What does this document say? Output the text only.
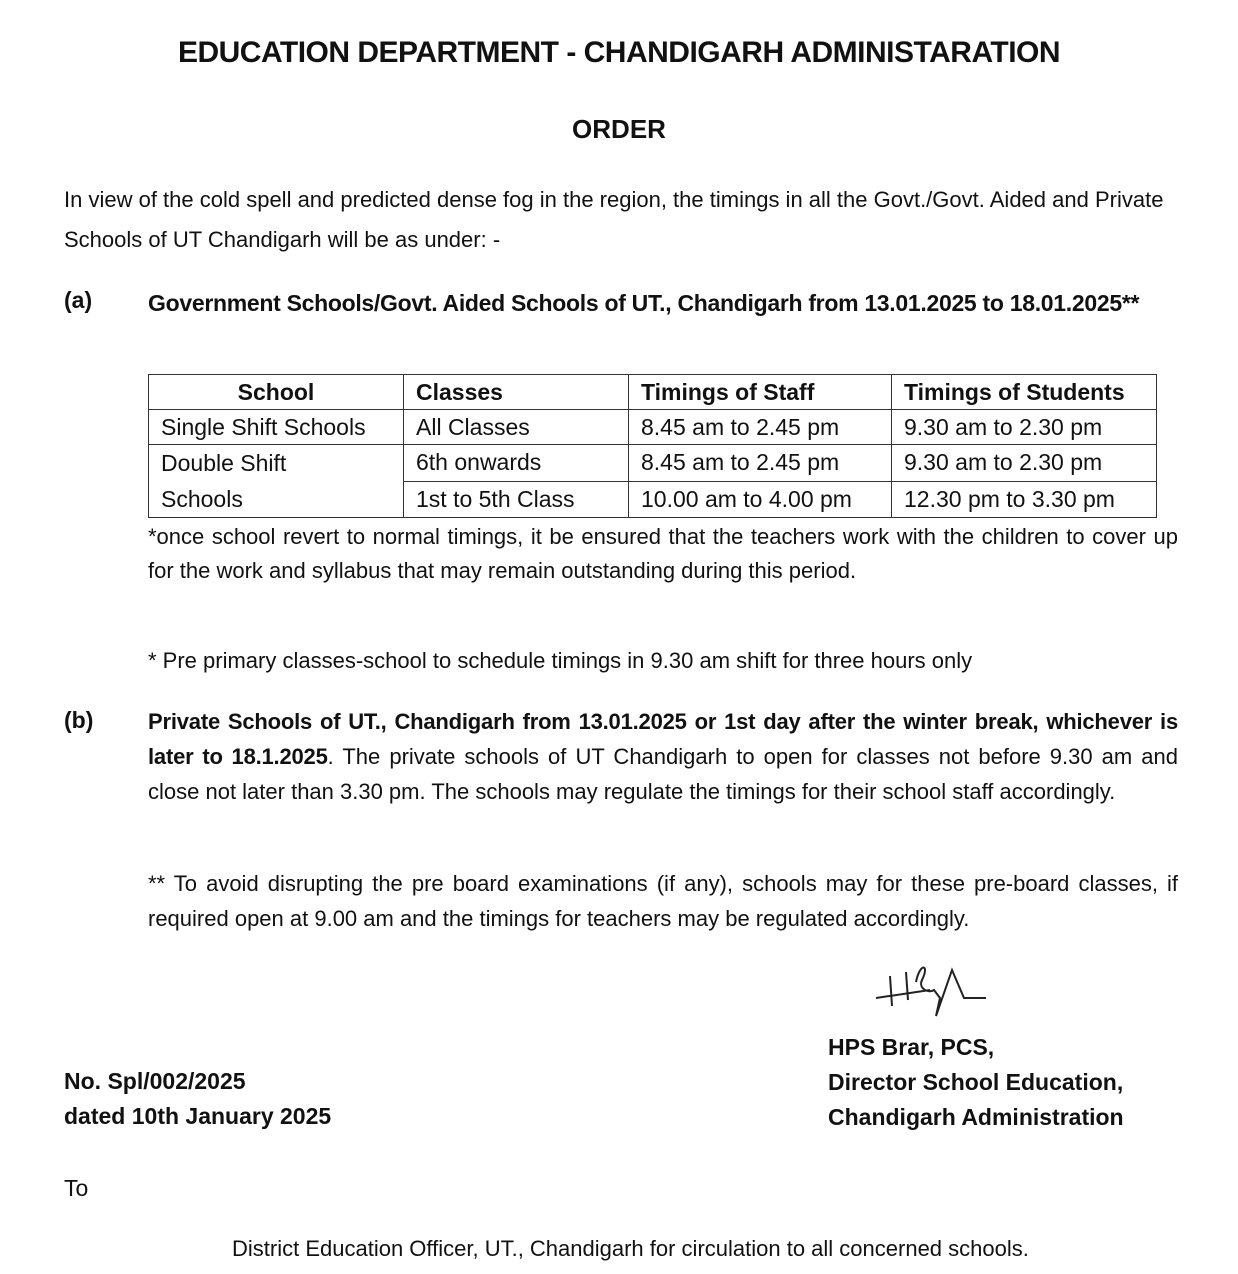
EDUCATION DEPARTMENT - CHANDIGARH ADMINISTARATION
ORDER
In view of the cold spell and predicted dense fog in the region, the timings in all the Govt./Govt. Aided and Private Schools of UT Chandigarh will be as under: -
(a) Government Schools/Govt. Aided Schools of UT., Chandigarh from 13.01.2025 to 18.01.2025**
School	Classes	Timings of Staff	Timings of Students
Single Shift Schools	All Classes	8.45 am to 2.45 pm	9.30 am to 2.30 pm
Double Shift
Schools	6th onwards	8.45 am to 2.45 pm	9.30 am to 2.30 pm
	1st to 5th Class	10.00 am to 4.00 pm	12.30 pm to 3.30 pm
*once school revert to normal timings, it be ensured that the teachers work with the children to cover up for the work and syllabus that may remain outstanding during this period.
* Pre primary classes-school to schedule timings in 9.30 am shift for three hours only
(b) Private Schools of UT., Chandigarh from 13.01.2025 or 1st day after the winter break, whichever is later to 18.1.2025. The private schools of UT Chandigarh to open for classes not before 9.30 am and close not later than 3.30 pm. The schools may regulate the timings for their school staff accordingly.
** To avoid disrupting the pre board examinations (if any), schools may for these pre-board classes, if required open at 9.00 am and the timings for teachers may be regulated accordingly.
HPS Brar, PCS,
Director School Education,
Chandigarh Administration
No. Spl/002/2025
dated 10th January 2025
To
District Education Officer, UT., Chandigarh for circulation to all concerned schools.
